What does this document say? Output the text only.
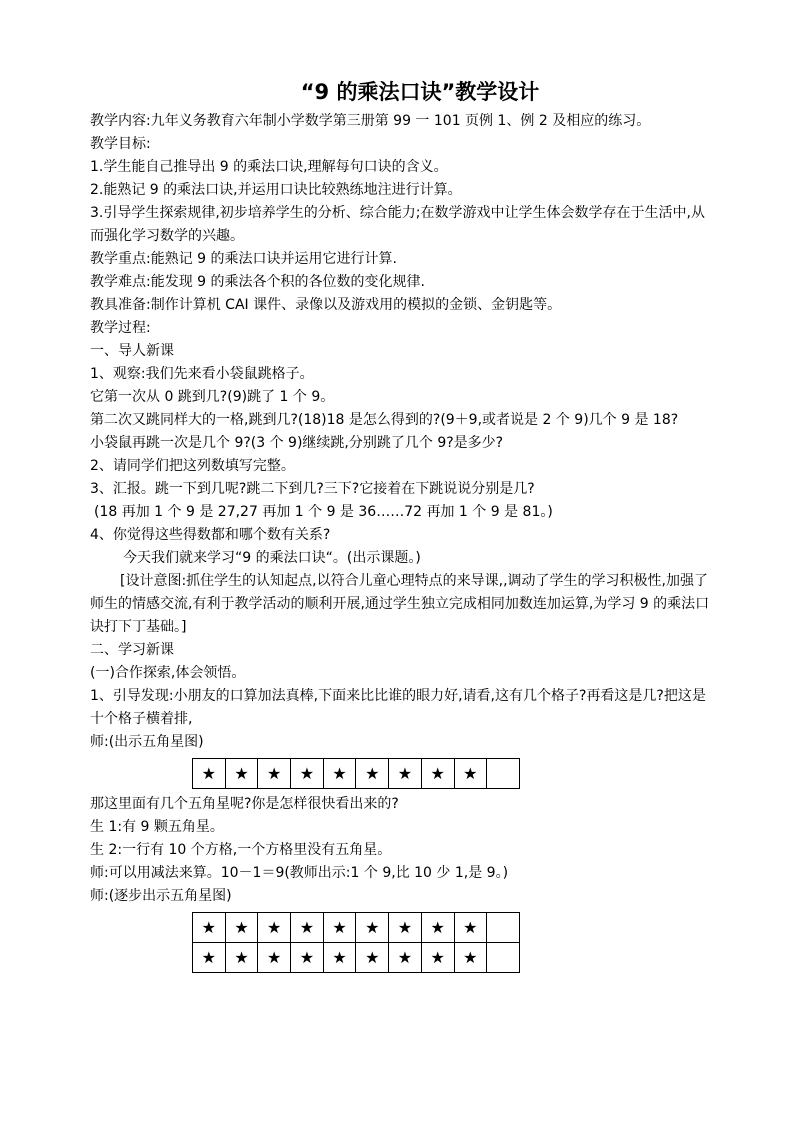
“9 的乘法口诀”教学设计
教学内容:九年义务教育六年制小学数学第三册第 99 一 101 页例 1、例 2 及相应的练习。
教学目标:
1.学生能自己推导出 9 的乘法口诀,理解每句口诀的含义。
2.能熟记 9 的乘法口诀,并运用口诀比较熟练地注进行计算。
3.引导学生探索规律,初步培养学生的分析、综合能力;在数学游戏中让学生体会数学存在于生活中,从而强化学习数学的兴趣。
教学重点:能熟记 9 的乘法口诀并运用它进行计算.
教学难点:能发现 9 的乘法各个积的各位数的变化规律.
教具准备:制作计算机 CAI 课件、录像以及游戏用的模拟的金锁、金钥匙等。
教学过程:
一、导人新课
1、观察:我们先来看小袋鼠跳格子。
它第一次从 0 跳到几?(9)跳了 1 个 9。
第二次又跳同样大的一格,跳到几?(18)18 是怎么得到的?(9＋9,或者说是 2 个 9)几个 9 是 18?
小袋鼠再跳一次是几个 9?(3 个 9)继续跳,分别跳了几个 9?是多少?
2、请同学们把这列数填写完整。
3、汇报。跳一下到几呢?跳二下到几?三下?它接着在下跳说说分别是几?
(18 再加 1 个 9 是 27,27 再加 1 个 9 是 36……72 再加 1 个 9 是 81。)
4、你觉得这些得数都和哪个数有关系?
今天我们就来学习“9 的乘法口诀“。(出示课题。)
[设计意图:抓住学生的认知起点,以符合儿童心理特点的来导课,,调动了学生的学习积极性,加强了师生的情感交流,有利于教学活动的顺利开展,通过学生独立完成相同加数连加运算,为学习 9 的乘法口诀打下丁基础。]
二、学习新课
(一)合作探索,体会领悟。
1、引导发现:小朋友的口算加法真棒,下面来比比谁的眼力好,请看,这有几个格子?再看这是几?把这是十个格子横着排,
师:(出示五角星图)
★	★	★	★	★	★	★	★	★	
那这里面有几个五角星呢?你是怎样很快看出来的?
生 1:有 9 颗五角星。
生 2:一行有 10 个方格,一个方格里没有五角星。
师:可以用减法来算。10－1＝9(教师出示:1 个 9,比 10 少 1,是 9。)
师:(逐步出示五角星图)
★	★	★	★	★	★	★	★	★	
★	★	★	★	★	★	★	★	★	
